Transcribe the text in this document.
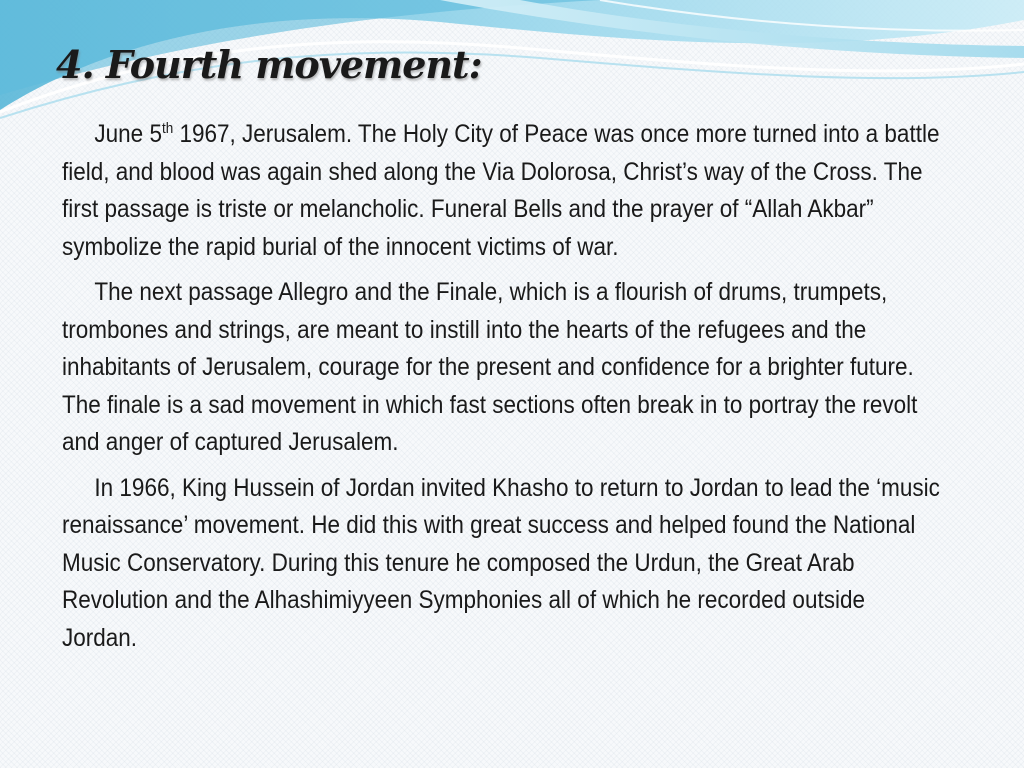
4. Fourth movement:

June 5th 1967, Jerusalem. The Holy City of Peace was once more turned into a battle field, and blood was again shed along the Via Dolorosa, Christ’s way of the Cross. The first passage is triste or melancholic. Funeral Bells and the prayer of “Allah Akbar” symbolize the rapid burial of the innocent victims of war.

The next passage Allegro and the Finale, which is a flourish of drums, trumpets, trombones and strings, are meant to instill into the hearts of the refugees and the inhabitants of Jerusalem, courage for the present and confidence for a brighter future. The finale is a sad movement in which fast sections often break in to portray the revolt and anger of captured Jerusalem.

In 1966, King Hussein of Jordan invited Khasho to return to Jordan to lead the ‘music renaissance’ movement. He did this with great success and helped found the National Music Conservatory. During this tenure he composed the Urdun, the Great Arab Revolution and the Alhashimiyyeen Symphonies all of which he recorded outside Jordan.
